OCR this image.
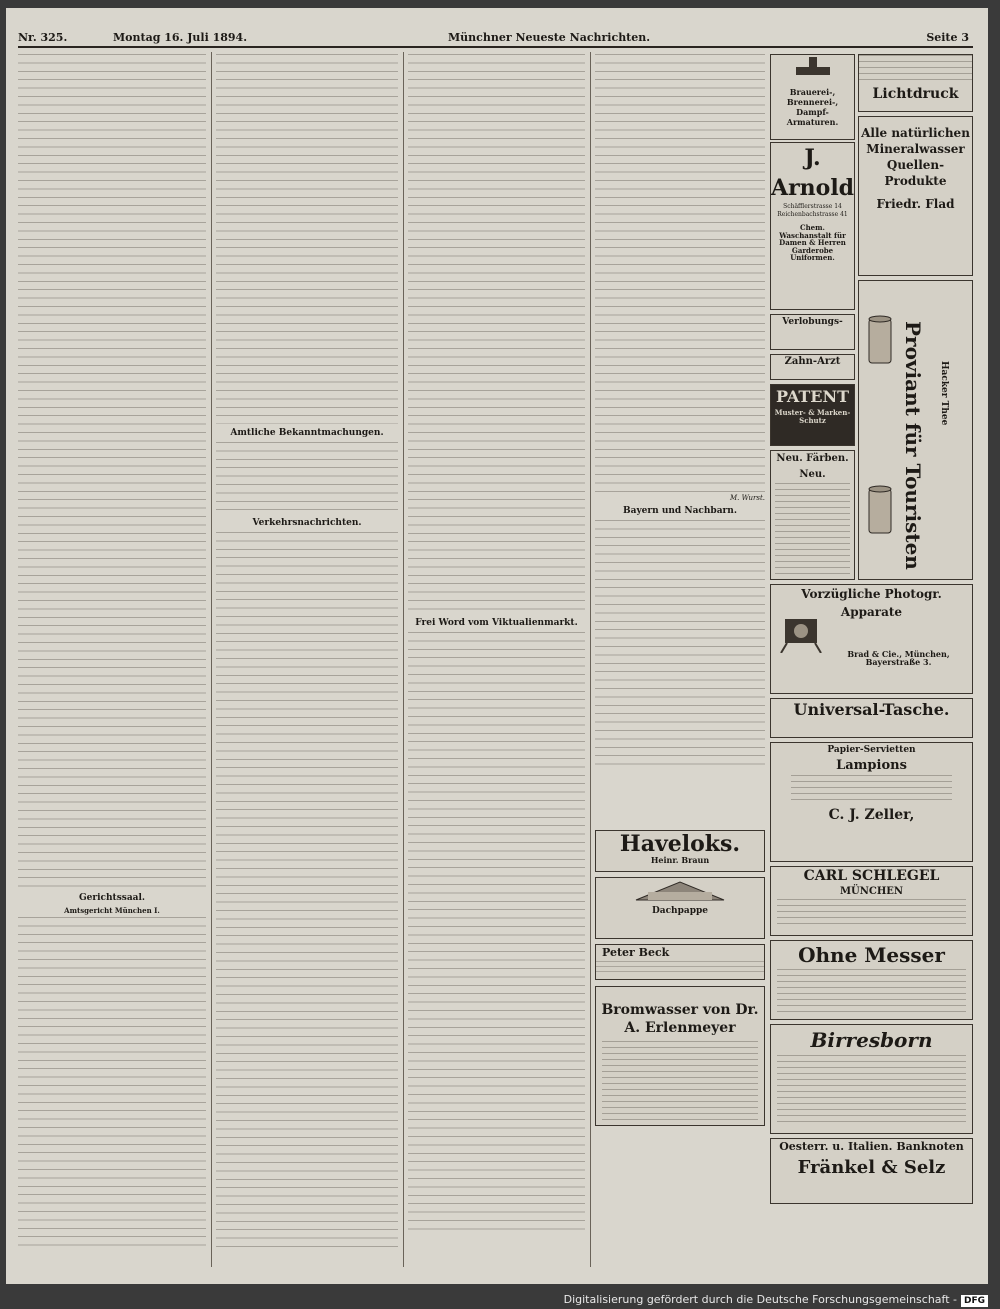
Nr. 325.	Montag 16. Juli 1894.	Münchner Neueste Nachrichten.	Seite 3
Gerichtssaal.
Amtsgericht München I.
Amtliche Bekanntmachungen.
Verkehrsnachrichten.
Frei Word vom Viktualienmarkt.
M. Wurst.
Bayern und Nachbarn.
Haveloks.
Heinr. Braun
Dachpappe
Peter Beck
Bromwasser von Dr. A. Erlenmeyer
Brauerei-, Brennerei-, Dampf-Armaturen.
Lichtdruck
J. Arnold
Schäfflerstrasse 14 Reichenbachstrasse 41
Chem. Waschanstalt für Damen & Herren Garderobe Uniformen.
Alle natürlichen Mineralwasser
Quellen-Produkte
Friedr. Flad
Verlobungs-
Zahn-Arzt
PATENT
Muster- & Marken-Schutz
Neu. Färben. Neu.	Proviant für Touristen Hacker Thee
Vorzügliche Photogr. Apparate
Brad & Cie., München, Bayerstraße 3.
Universal-Tasche.
Papier-Servietten
Lampions
C. J. Zeller,
CARL SCHLEGEL
MÜNCHEN
Ohne Messer
Birresborn
Oesterr. u. Italien. Banknoten
Fränkel & Selz
Digitalisierung gefördert durch die Deutsche Forschungsgemeinschaft - DFG
